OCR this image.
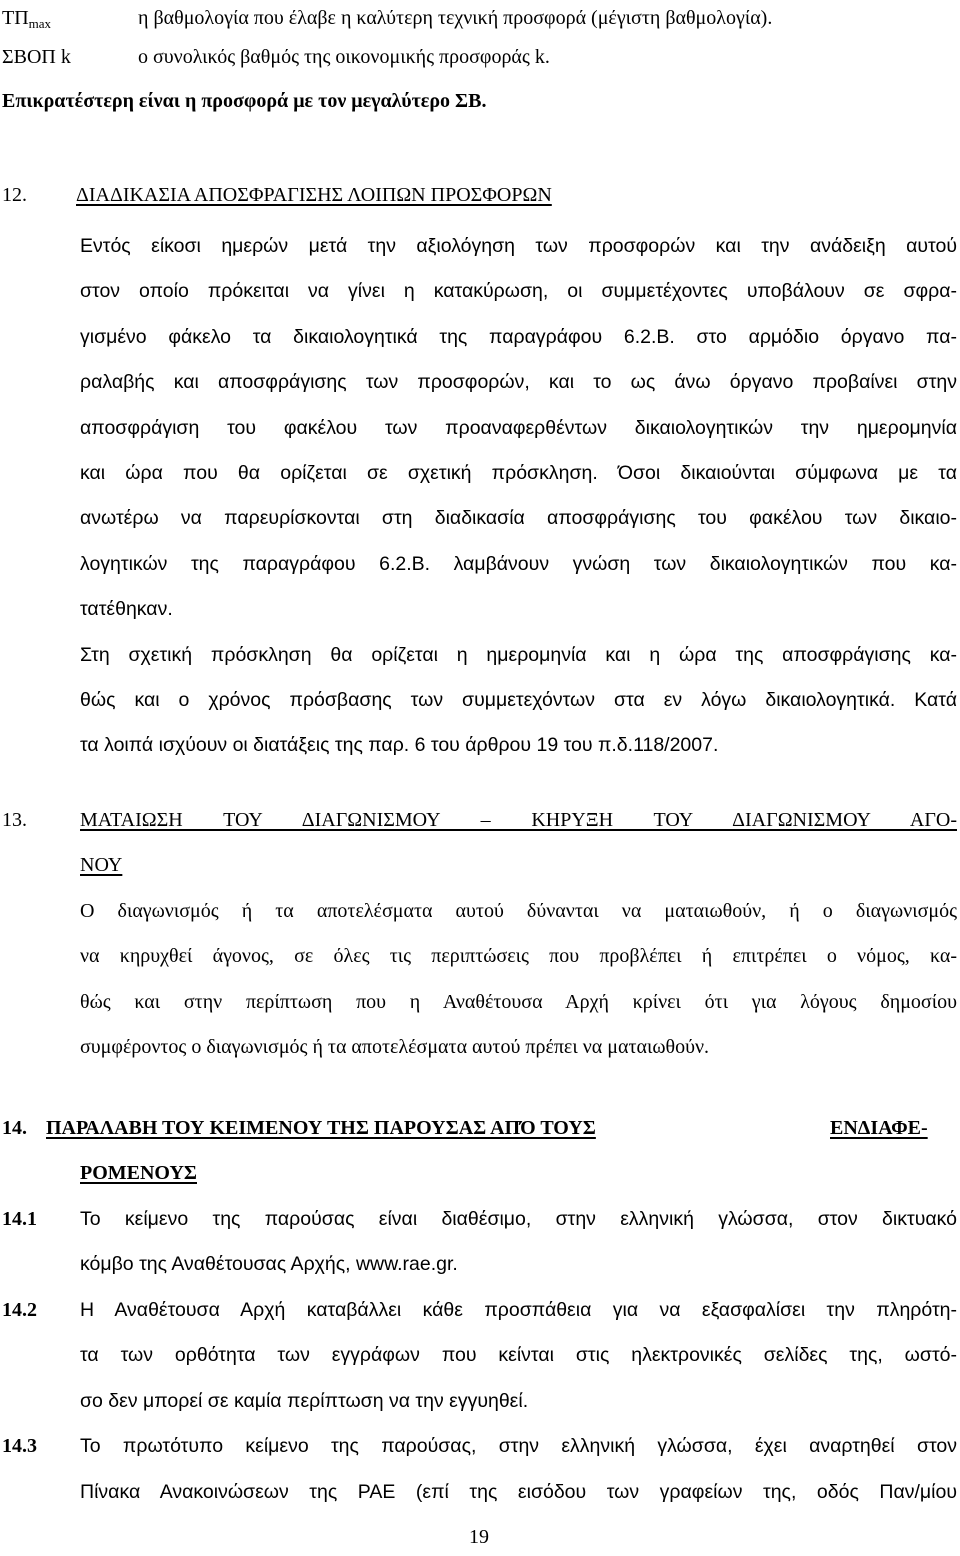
$T\Pi_{max}$	η βαθμολογία που έλαβε η καλύτερη τεχνική προσφορά (μέγιστη βαθμολογία).
ΣΒΟΠ k	ο συνολικός βαθμός της οικονομικής προσφοράς k.
Επικρατέστερη είναι η προσφορά με τον μεγαλύτερο ΣΒ.
12. ΔΙΑΔΙΚΑΣΙΑ ΑΠΟΣΦΡΑΓΙΣΗΣ ΛΟΙΠΩΝ ΠΡΟΣΦΟΡΩΝ
Εντός είκοσι ημερών μετά την αξιολόγηση των προσφορών και την ανάδειξη αυτού
στον οποίο πρόκειται να γίνει η κατακύρωση, οι συμμετέχοντες υποβάλουν σε σφρα-
γισμένο φάκελο τα δικαιολογητικά της παραγράφου 6.2.Β. στο αρμόδιο όργανο πα-
ραλαβής και αποσφράγισης των προσφορών, και το ως άνω όργανο προβαίνει στην
αποσφράγιση του φακέλου των προαναφερθέντων δικαιολογητικών την ημερομηνία
και ώρα που θα ορίζεται σε σχετική πρόσκληση. Όσοι δικαιούνται σύμφωνα με τα
ανωτέρω να παρευρίσκονται στη διαδικασία αποσφράγισης του φακέλου των δικαιο-
λογητικών της παραγράφου 6.2.Β. λαμβάνουν γνώση των δικαιολογητικών που κα-
τατέθηκαν.
Στη σχετική πρόσκληση θα ορίζεται η ημερομηνία και η ώρα της αποσφράγισης κα-
θώς και ο χρόνος πρόσβασης των συμμετεχόντων στα εν λόγω δικαιολογητικά. Κατά
τα λοιπά ισχύουν οι διατάξεις της παρ. 6 του άρθρου 19 του π.δ.118/2007.
13.	ΜΑΤΑΙΩΣΗ ΤΟΥ ΔΙΑΓΩΝΙΣΜΟΥ – ΚΗΡΥΞΗ ΤΟΥ ΔΙΑΓΩΝΙΣΜΟΥ ΑΓΟ-
ΝΟΥ
Ο διαγωνισμός ή τα αποτελέσματα αυτού δύνανται να ματαιωθούν, ή ο διαγωνισμός
να κηρυχθεί άγονος, σε όλες τις περιπτώσεις που προβλέπει ή επιτρέπει ο νόμος, κα-
θώς και στην περίπτωση που η Αναθέτουσα Αρχή κρίνει ότι για λόγους δημοσίου
συμφέροντος ο διαγωνισμός ή τα αποτελέσματα αυτού πρέπει να ματαιωθούν.
14. ΠΑΡΑΛΑΒΗ ΤΟΥ ΚΕΙΜΕΝΟΥ ΤΗΣ ΠΑΡΟΥΣΑΣ ΑΠΌ ΤΟΥΣ	ΕΝΔΙΑΦΕ-
ΡΟΜΕΝΟΥΣ
14.1 Το κείμενο της παρούσας είναι διαθέσιμο, στην ελληνική γλώσσα, στον δικτυακό
κόμβο της Αναθέτουσας Αρχής, www.rae.gr.
14.2 Η Αναθέτουσα Αρχή καταβάλλει κάθε προσπάθεια για να εξασφαλίσει την πληρότη-
τα των ορθότητα των εγγράφων που κείνται στις ηλεκτρονικές σελίδες της, ωστό-
σο δεν μπορεί σε καμία περίπτωση να την εγγυηθεί.
14.3 Το πρωτότυπο κείμενο της παρούσας, στην ελληνική γλώσσα, έχει αναρτηθεί στον
Πίνακα Ανακοινώσεων της ΡΑΕ (επί της εισόδου των γραφείων της, οδός Παν/μίου
19
